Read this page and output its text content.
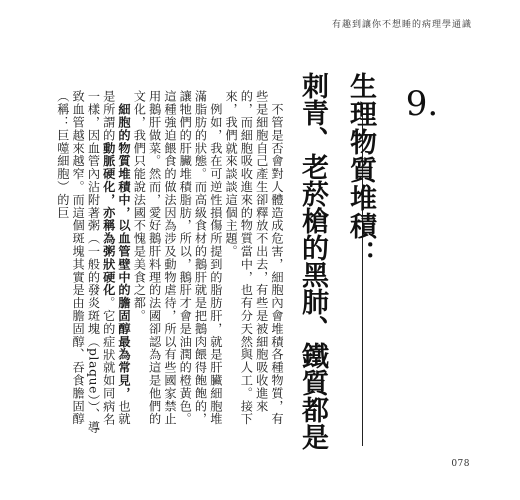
有趣到讓你不想睡的病理學通識
9.
生理物質堆積：
刺青、老菸槍的黑肺、鐵質都是

不管是否會對人體造成危害，細胞內會堆積各種物質，有些是細胞自己產生卻釋放不出去，有些是被細胞吸收進來的，而細胞吸收進來的物質當中，也有分天然與人工。接下來，我們就來談談這個主題。

例如，我在可逆性損傷所提到的脂肪肝，就是肝臟細胞堆滿脂肪的狀態。而高級食材的鵝肝就是把鵝肉餵得飽飽的，讓牠們的肝臟堆積脂肪，所以，鵝肝才會是油潤的橙黃色。這種強迫餵食的做法因為涉及動物虐待，所以有些國家禁止用鵝肝做菜。然而，愛好鵝肝料理的法國卻認為這是他們的文化，我們只能說法國不愧是美食之都。

細胞的物質堆積中，以血管壁中的膽固醇最為常見，也就是所謂的動脈硬化，亦稱為粥狀硬化。它的症狀就如同病名一樣，因血管內沾附著粥（一般的發炎斑塊（plaque））、導致血管越來越窄。而這個斑塊其實是由膽固醇、吞食膽固醇（稱：巨噬細胞）的巨

078
